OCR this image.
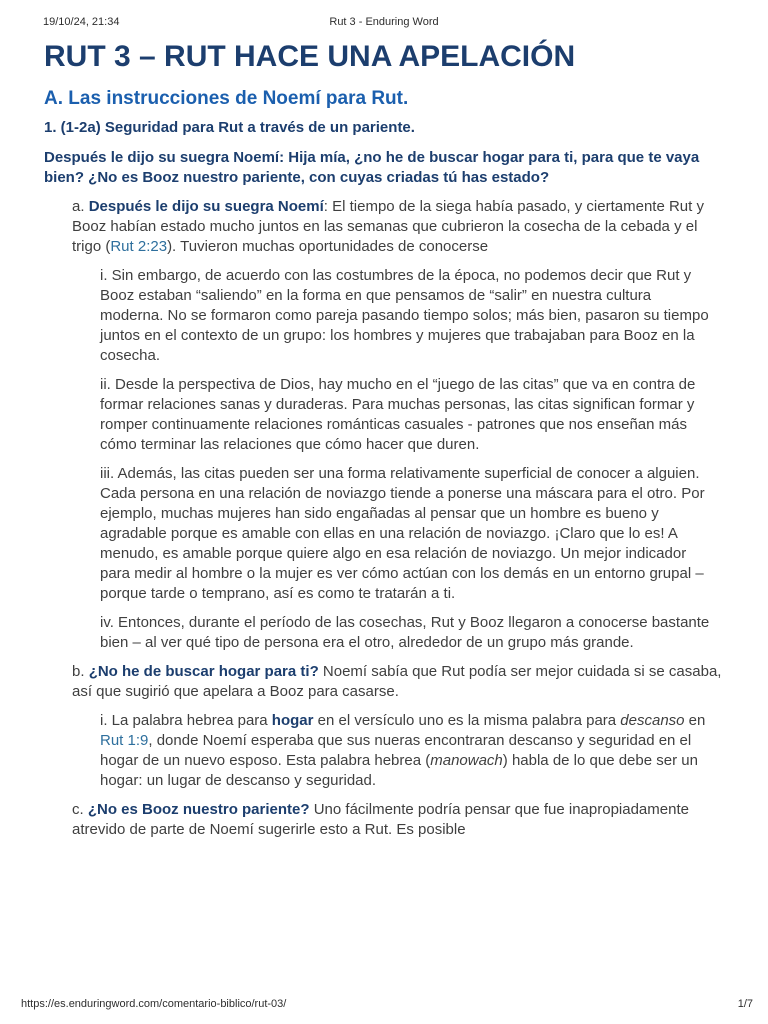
19/10/24, 21:34	Rut 3 - Enduring Word
RUT 3 – RUT HACE UNA APELACIÓN
A. Las instrucciones de Noemí para Rut.
1. (1-2a) Seguridad para Rut a través de un pariente.

Después le dijo su suegra Noemí: Hija mía, ¿no he de buscar hogar para ti, para que te vaya bien? ¿No es Booz nuestro pariente, con cuyas criadas tú has estado?

a. Después le dijo su suegra Noemí: El tiempo de la siega había pasado, y ciertamente Rut y Booz habían estado mucho juntos en las semanas que cubrieron la cosecha de la cebada y el trigo (Rut 2:23). Tuvieron muchas oportunidades de conocerse

i. Sin embargo, de acuerdo con las costumbres de la época, no podemos decir que Rut y Booz estaban “saliendo” en la forma en que pensamos de “salir” en nuestra cultura moderna. No se formaron como pareja pasando tiempo solos; más bien, pasaron su tiempo juntos en el contexto de un grupo: los hombres y mujeres que trabajaban para Booz en la cosecha.

ii. Desde la perspectiva de Dios, hay mucho en el “juego de las citas” que va en contra de formar relaciones sanas y duraderas. Para muchas personas, las citas significan formar y romper continuamente relaciones románticas casuales - patrones que nos enseñan más cómo terminar las relaciones que cómo hacer que duren.

iii. Además, las citas pueden ser una forma relativamente superficial de conocer a alguien. Cada persona en una relación de noviazgo tiende a ponerse una máscara para el otro. Por ejemplo, muchas mujeres han sido engañadas al pensar que un hombre es bueno y agradable porque es amable con ellas en una relación de noviazgo. ¡Claro que lo es! A menudo, es amable porque quiere algo en esa relación de noviazgo. Un mejor indicador para medir al hombre o la mujer es ver cómo actúan con los demás en un entorno grupal – porque tarde o temprano, así es como te tratarán a ti.

iv. Entonces, durante el período de las cosechas, Rut y Booz llegaron a conocerse bastante bien – al ver qué tipo de persona era el otro, alrededor de un grupo más grande.

b. ¿No he de buscar hogar para ti? Noemí sabía que Rut podía ser mejor cuidada si se casaba, así que sugirió que apelara a Booz para casarse.

i. La palabra hebrea para hogar en el versículo uno es la misma palabra para descanso en Rut 1:9, donde Noemí esperaba que sus nueras encontraran descanso y seguridad en el hogar de un nuevo esposo. Esta palabra hebrea (manowach) habla de lo que debe ser un hogar: un lugar de descanso y seguridad.

c. ¿No es Booz nuestro pariente? Uno fácilmente podría pensar que fue inapropiadamente atrevido de parte de Noemí sugerirle esto a Rut. Es posible

https://es.enduringword.com/comentario-biblico/rut-03/	1/7
